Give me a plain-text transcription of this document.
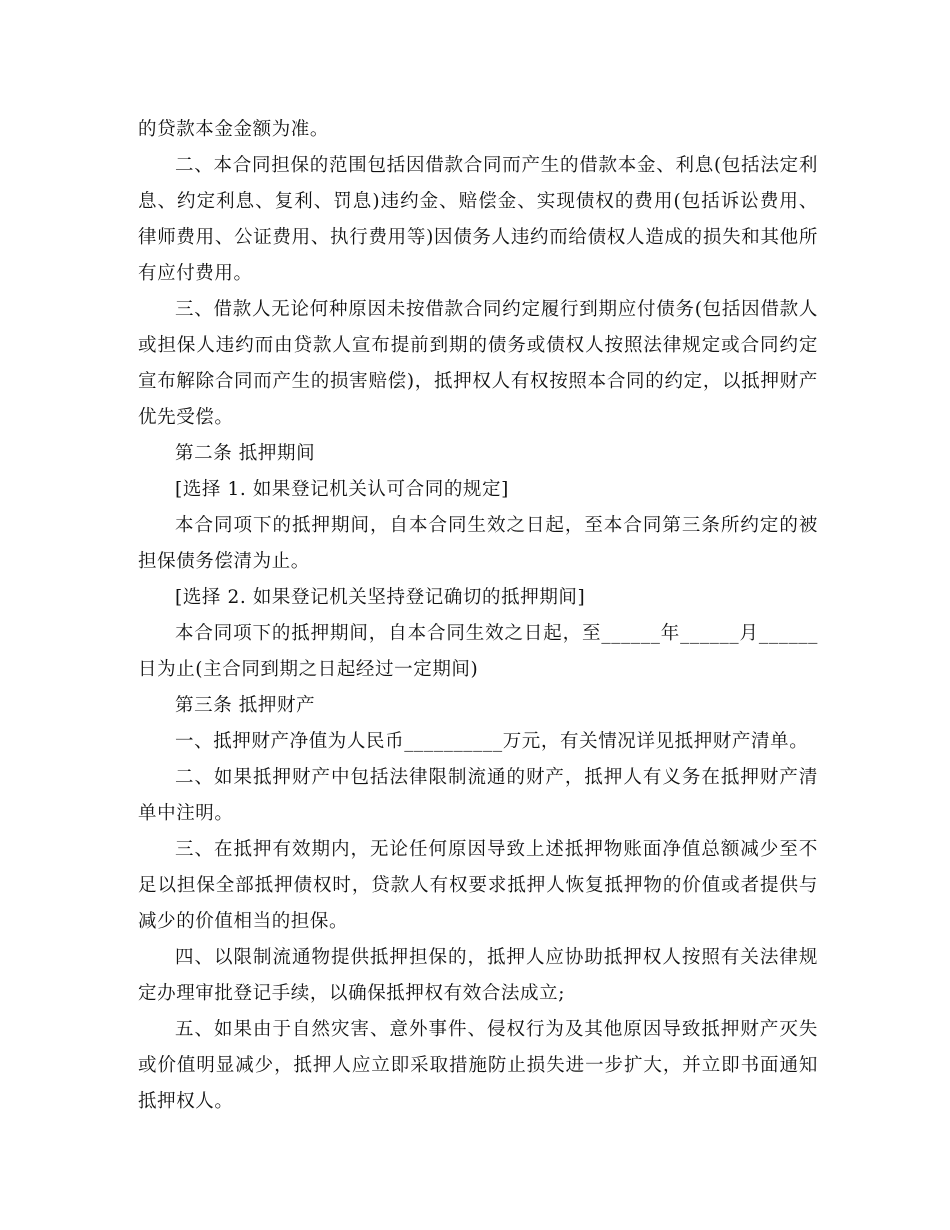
的贷款本金金额为准。

二、本合同担保的范围包括因借款合同而产生的借款本金、利息(包括法定利息、约定利息、复利、罚息)违约金、赔偿金、实现债权的费用(包括诉讼费用、律师费用、公证费用、执行费用等)因债务人违约而给债权人造成的损失和其他所有应付费用。

三、借款人无论何种原因未按借款合同约定履行到期应付债务(包括因借款人或担保人违约而由贷款人宣布提前到期的债务或债权人按照法律规定或合同约定宣布解除合同而产生的损害赔偿)，抵押权人有权按照本合同的约定，以抵押财产优先受偿。

第二条 抵押期间

[选择 1. 如果登记机关认可合同的规定]

本合同项下的抵押期间，自本合同生效之日起，至本合同第三条所约定的被担保债务偿清为止。

[选择 2. 如果登记机关坚持登记确切的抵押期间]

本合同项下的抵押期间，自本合同生效之日起，至______年______月______日为止(主合同到期之日起经过一定期间)

第三条 抵押财产

一、抵押财产净值为人民币__________万元，有关情况详见抵押财产清单。

二、如果抵押财产中包括法律限制流通的财产，抵押人有义务在抵押财产清单中注明。

三、在抵押有效期内，无论任何原因导致上述抵押物账面净值总额减少至不足以担保全部抵押债权时，贷款人有权要求抵押人恢复抵押物的价值或者提供与减少的价值相当的担保。

四、以限制流通物提供抵押担保的，抵押人应协助抵押权人按照有关法律规定办理审批登记手续，以确保抵押权有效合法成立;

五、如果由于自然灾害、意外事件、侵权行为及其他原因导致抵押财产灭失或价值明显减少，抵押人应立即采取措施防止损失进一步扩大，并立即书面通知抵押权人。
